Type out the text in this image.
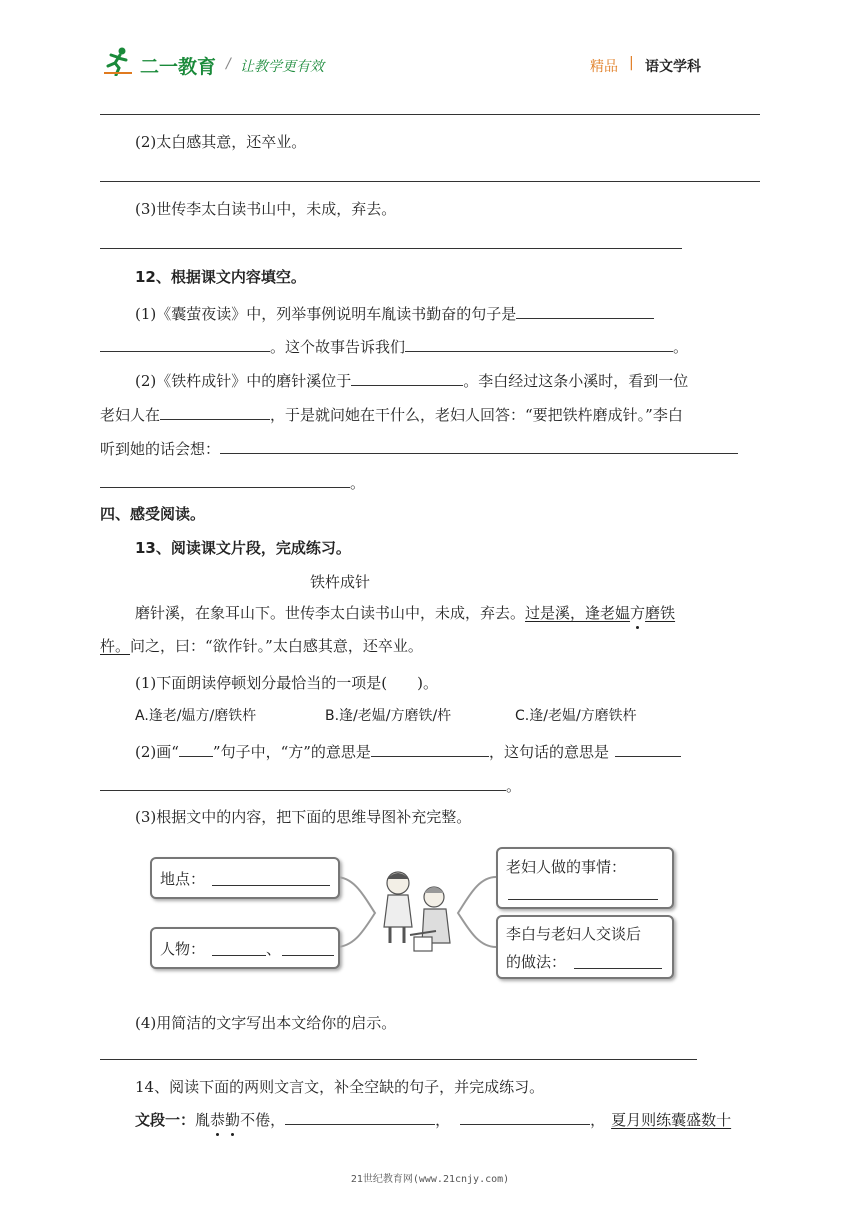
二一教育 / 让教学更有效	精品 | 语文学科
(2)太白感其意，还卒业。
(3)世传李太白读书山中，未成，弃去。
12、根据课文内容填空。
(1)《囊萤夜读》中，列举事例说明车胤读书勤奋的句子是
。这个故事告诉我们	。
(2)《铁杵成针》中的磨针溪位于	。李白经过这条小溪时，看到一位
老妇人在	，于是就问她在干什么，老妇人回答：“要把铁杵磨成针。”李白
听到她的话会想：
。
四、感受阅读。
13、阅读课文片段，完成练习。
铁杵成针
磨针溪，在象耳山下。世传李太白读书山中，未成，弃去。过是溪，逢老媪方磨铁
杵。问之，曰：“欲作针。”太白感其意，还卒业。
(1)下面朗读停顿划分最恰当的一项是(　　)。
A.逢老/媪方/磨铁杵	B.逢/老媪/方磨铁/杵	C.逢/老媪/方磨铁杵
(2)画“ ”句子中，“方”的意思是	，这句话的意思是
。
(3)根据文中的内容，把下面的思维导图补充完整。
地点：
人物：	、
老妇人做的事情：
李白与老妇人交谈后
的做法：
(4)用简洁的文字写出本文给你的启示。
14、阅读下面的两则文言文，补全空缺的句子，并完成练习。
文段一：胤恭勤不倦，	，	， 夏月则练囊盛数十
21世纪教育网(www.21cnjy.com)
